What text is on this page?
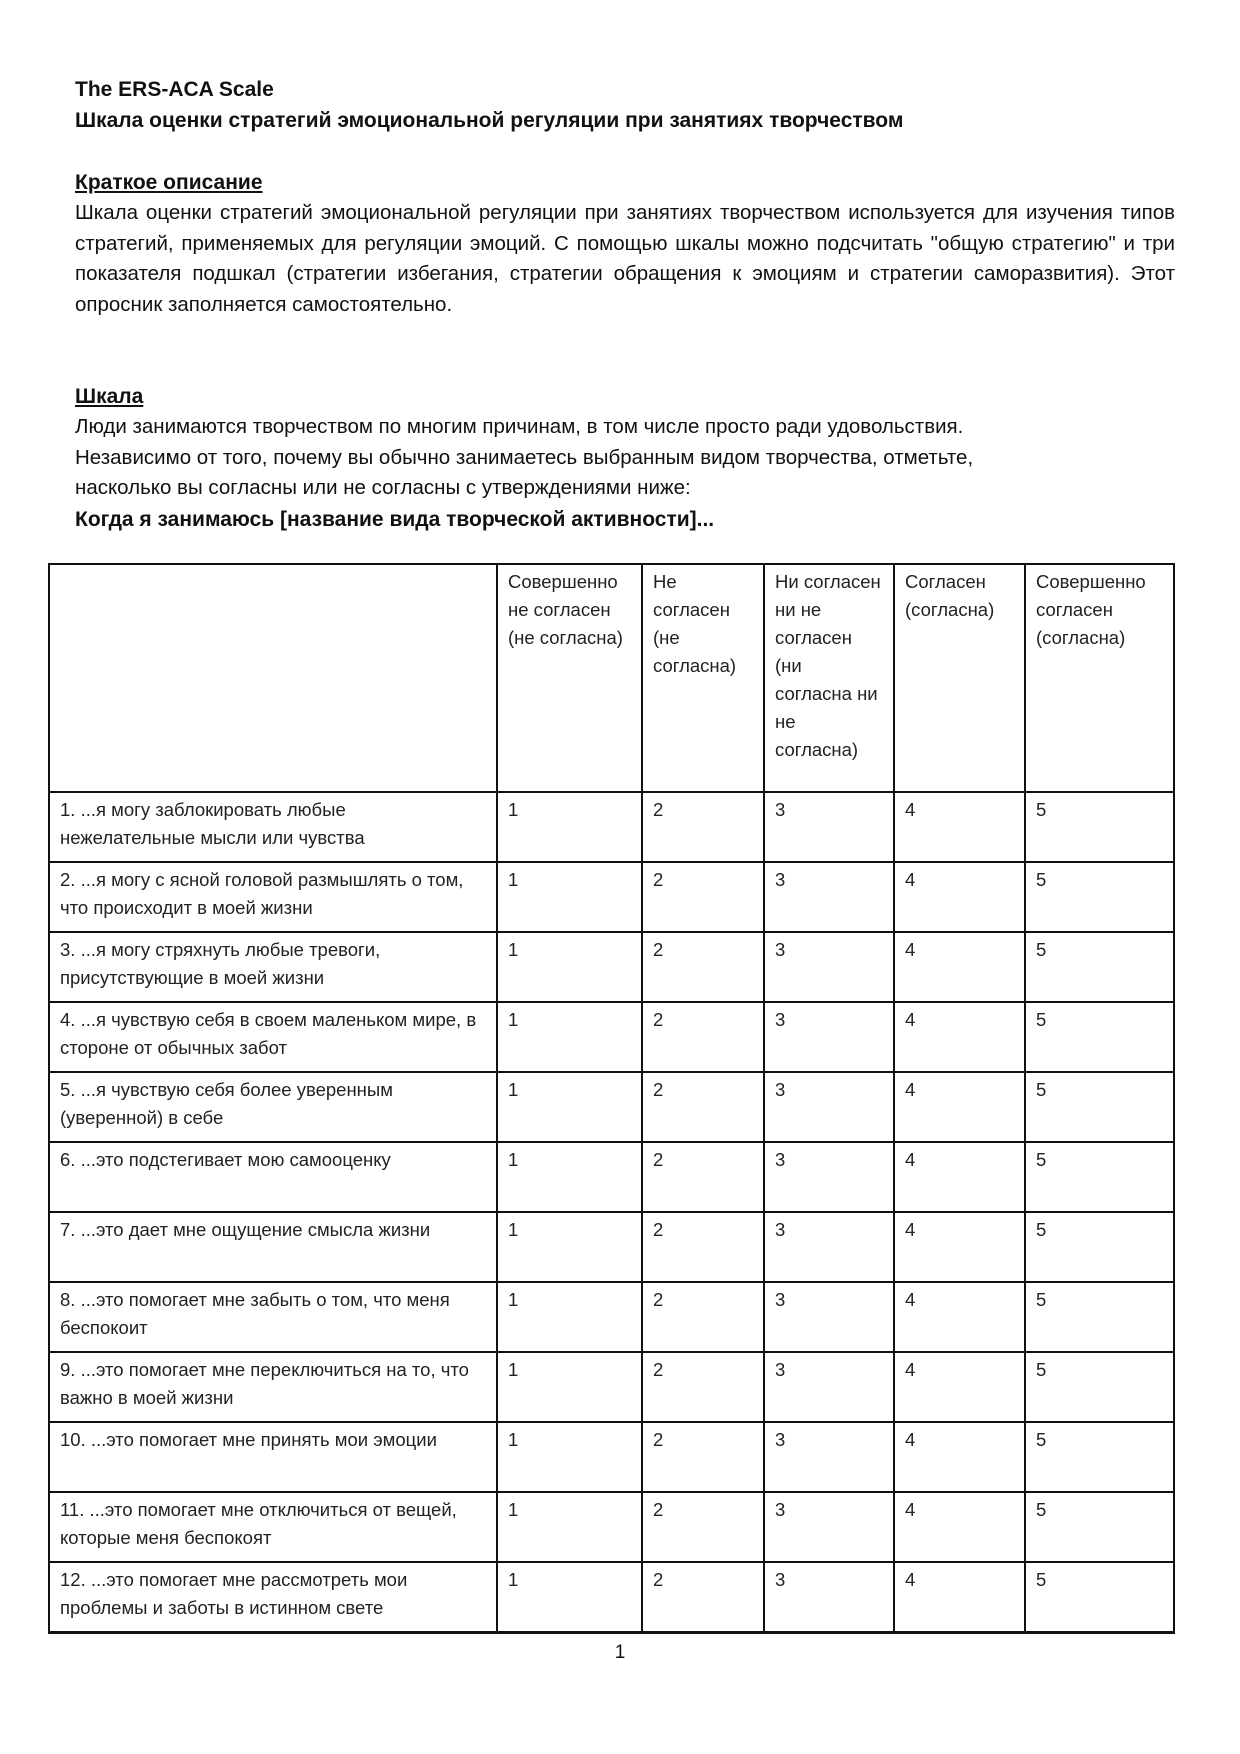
The ERS-ACA Scale

Шкала оценки стратегий эмоциональной регуляции при занятиях творчеством

Краткое описание

Шкала оценки стратегий эмоциональной регуляции при занятиях творчеством используется для изучения типов стратегий, применяемых для регуляции эмоций. С помощью шкалы можно подсчитать "общую стратегию" и три показателя подшкал (стратегии избегания, стратегии обращения к эмоциям и стратегии саморазвития). Этот опросник заполняется самостоятельно.

Шкала

Люди занимаются творчеством по многим причинам, в том числе просто ради удовольствия.

Независимо от того, почему вы обычно занимаетесь выбранным видом творчества, отметьте,

насколько вы согласны или не согласны с утверждениями ниже:

Когда я занимаюсь [название вида творческой активности]...

	Совершенно не согласен (не согласна)	Не согласен (не согласна)	Ни согласен ни не согласен (ни согласна ни не согласна)	Согласен (согласна)	Совершенно согласен (согласна)
1. ...я могу заблокировать любые нежелательные мысли или чувства	1	2	3	4	5
2. ...я могу с ясной головой размышлять о том, что происходит в моей жизни	1	2	3	4	5
3. ...я могу стряхнуть любые тревоги, присутствующие в моей жизни	1	2	3	4	5
4. ...я чувствую себя в своем маленьком мире, в стороне от обычных забот	1	2	3	4	5
5. ...я чувствую себя более уверенным (уверенной) в себе	1	2	3	4	5
6. ...это подстегивает мою самооценку	1	2	3	4	5
7. ...это дает мне ощущение смысла жизни	1	2	3	4	5
8. ...это помогает мне забыть о том, что меня беспокоит	1	2	3	4	5
9. ...это помогает мне переключиться на то, что важно в моей жизни	1	2	3	4	5
10. ...это помогает мне принять мои эмоции	1	2	3	4	5
11. ...это помогает мне отключиться от вещей, которые меня беспокоят	1	2	3	4	5
12. ...это помогает мне рассмотреть мои проблемы и заботы в истинном свете	1	2	3	4	5
1
